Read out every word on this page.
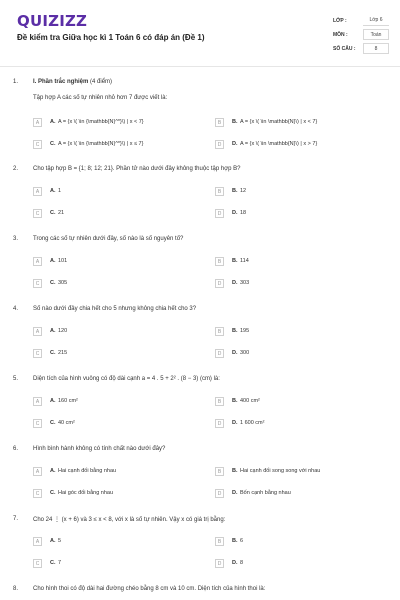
QUIZIZZ
Đề kiểm tra Giữa học kì 1 Toán 6 có đáp án (Đề 1)
LỚP :	Lớp 6
MÔN :	Toán
SỐ CÂU :	8
1. I. Phần trắc nghiệm (4 điểm)
Tập hợp A các số tự nhiên nhỏ hơn 7 được viết là:
A	A. A = {x \( \in {\mathbb{N}^*}\) | x < 7}	B	B. A = {x \( \in \mathbb{N}\) | x < 7}
C	C. A = {x \( \in {\mathbb{N}^*}\) | x ≤ 7}	D	D. A = {x \( \in \mathbb{N}\) | x > 7}
2. Cho tập hợp B = {1; 8; 12; 21}. Phần tử nào dưới đây không thuộc tập hợp B?
A	A. 1	B	B. 12
C	C. 21	D	D. 18
3. Trong các số tự nhiên dưới đây, số nào là số nguyên tố?
A	A. 101	B	B. 114
C	C. 305	D	D. 303
4. Số nào dưới đây chia hết cho 5 nhưng không chia hết cho 3?
A	A. 120	B	B. 195
C	C. 215	D	D. 300
5. Diện tích của hình vuông có độ dài cạnh a = 4 . 5 + 2² . (8 − 3) (cm) là:
A	A. 160 cm²	B	B. 400 cm²
C	C. 40 cm²	D	D. 1 600 cm²
6. Hình bình hành không có tính chất nào dưới đây?
A	A. Hai cạnh đối bằng nhau	B	B. Hai cạnh đối song song với nhau
C	C. Hai góc đối bằng nhau	D	D. Bốn cạnh bằng nhau
7. Cho 24 ⋮ (x + 6) và 3 ≤ x < 8, với x là số tự nhiên. Vậy x có giá trị bằng:
A	A. 5	B	B. 6
C	C. 7	D	D. 8
8. Cho hình thoi có độ dài hai đường chéo bằng 8 cm và 10 cm. Diện tích của hình thoi là:
